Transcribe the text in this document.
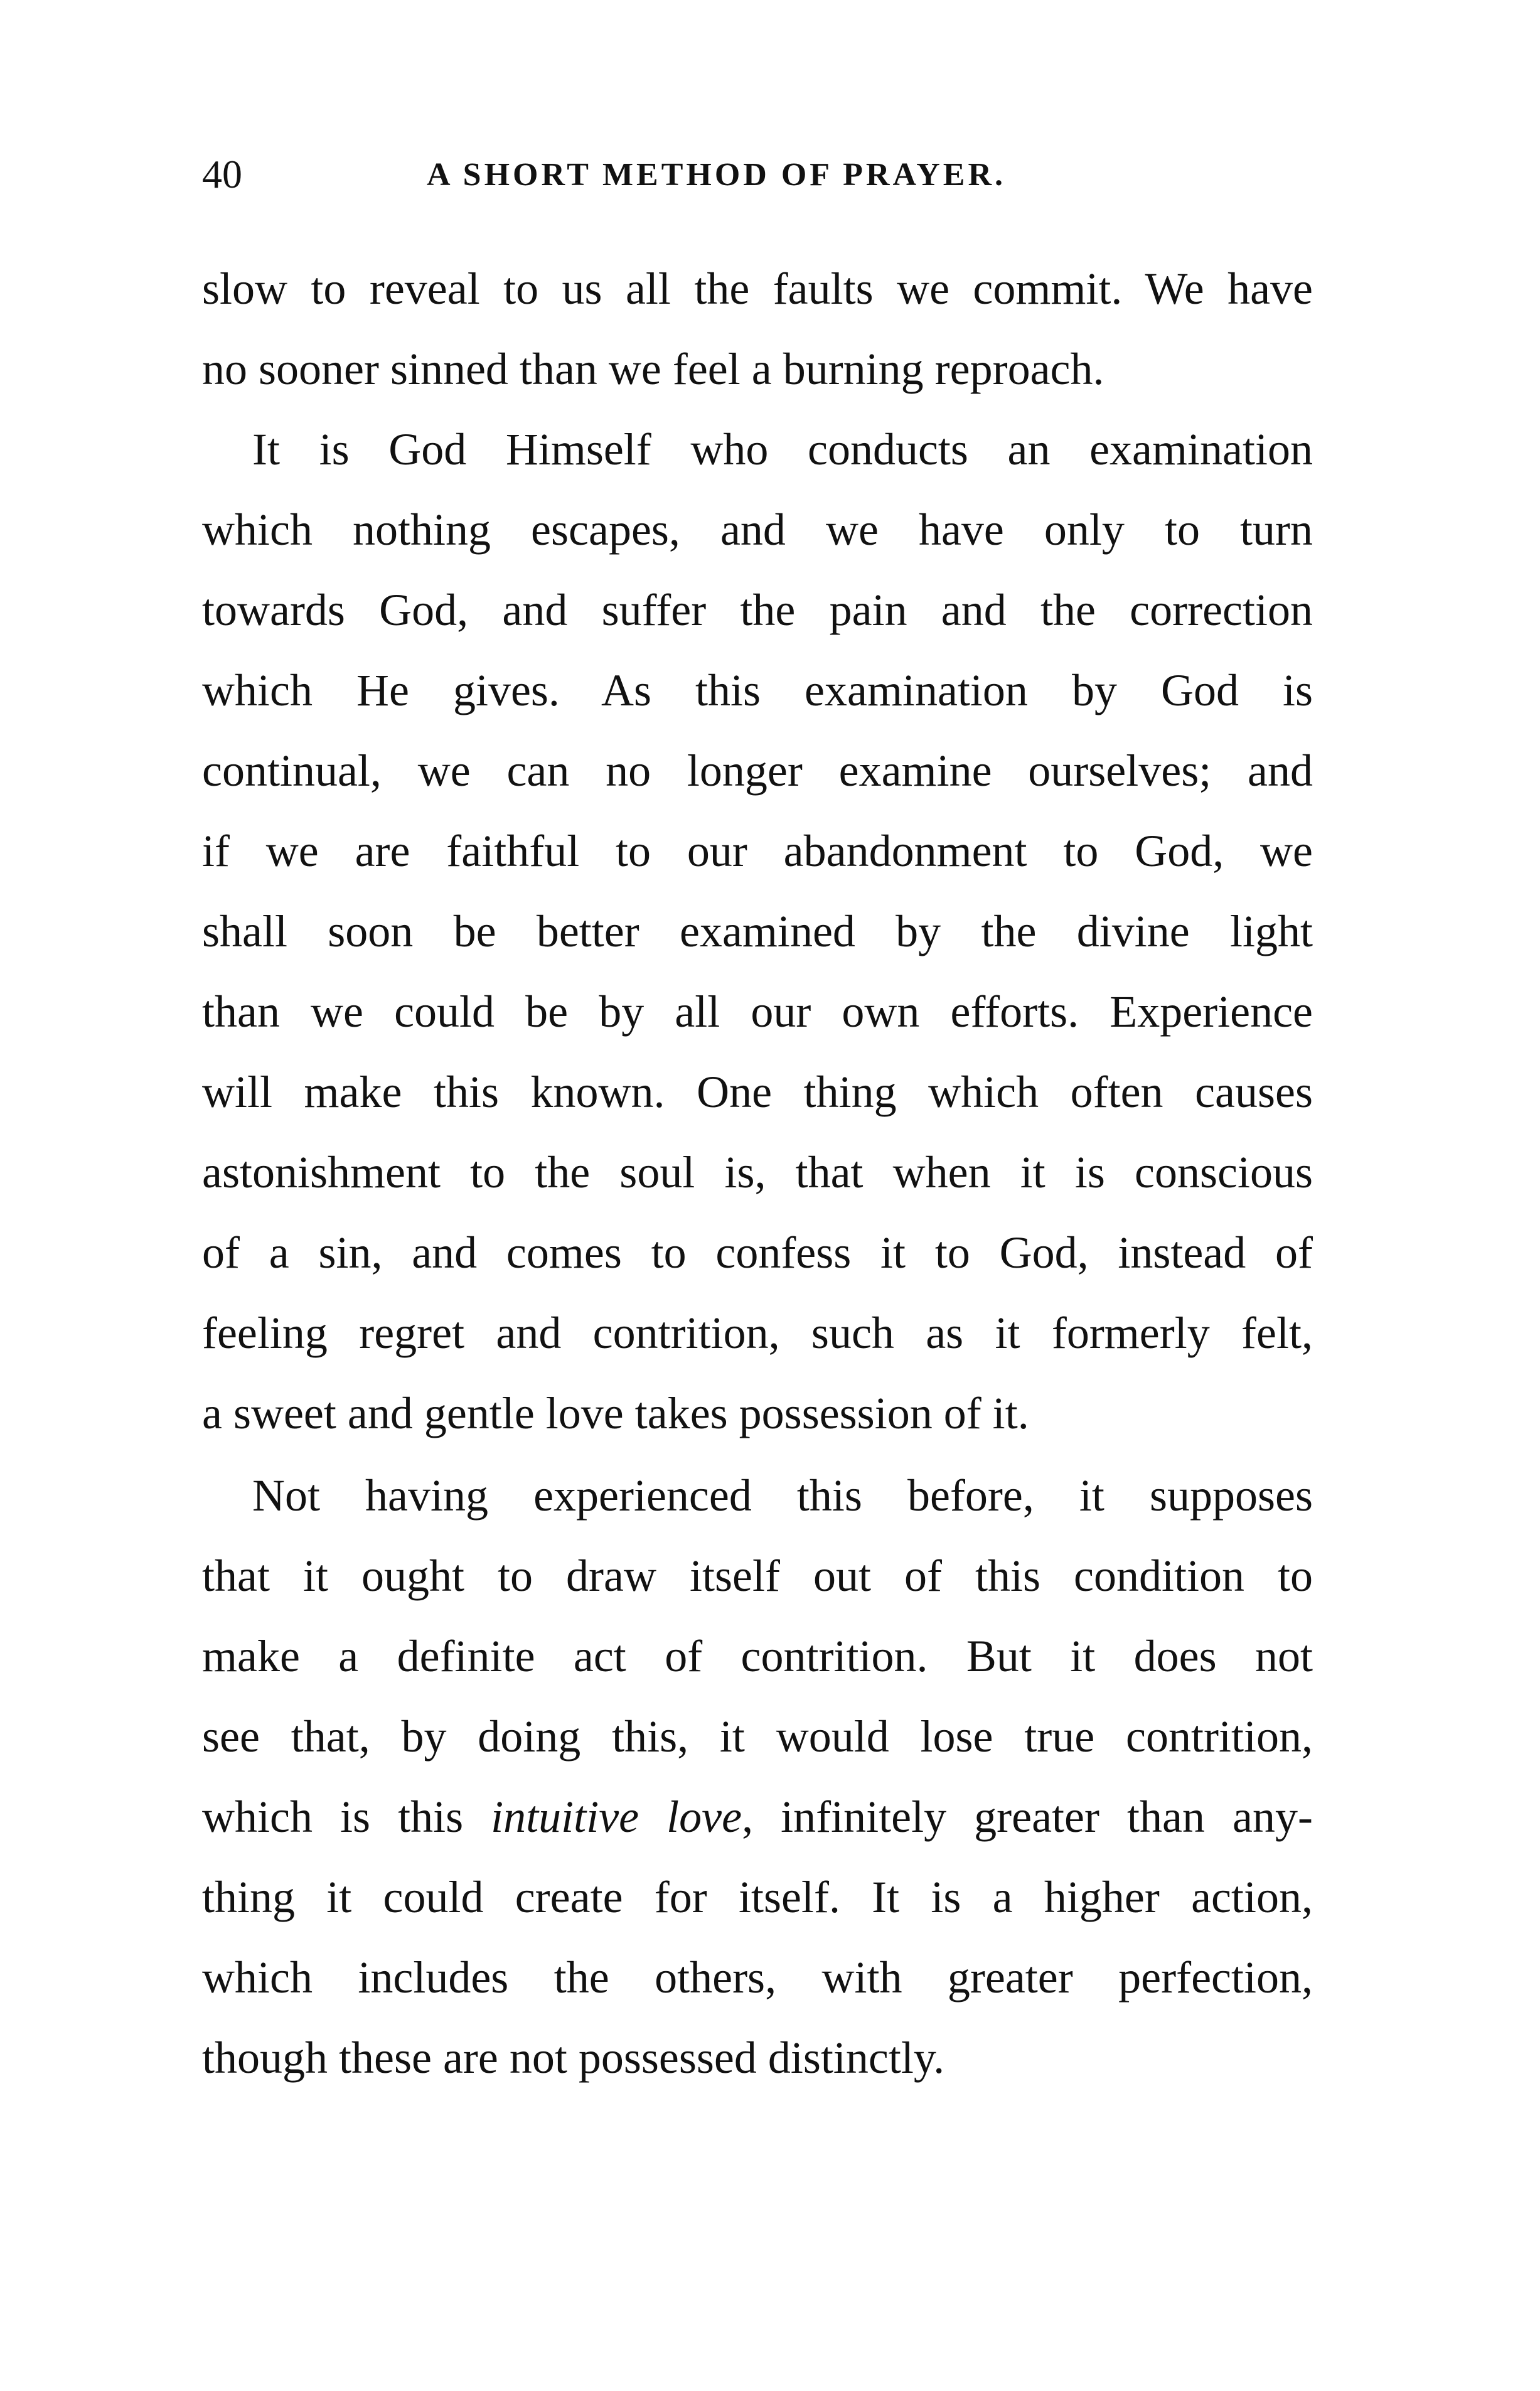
40	A SHORT METHOD OF PRAYER.
slow to reveal to us all the faults we commit. We have
no sooner sinned than we feel a burning reproach.
It is God Himself who conducts an examination
which nothing escapes, and we have only to turn
towards God, and suffer the pain and the correction
which He gives. As this examination by God is
continual, we can no longer examine ourselves; and
if we are faithful to our abandonment to God, we
shall soon be better examined by the divine light
than we could be by all our own efforts. Experience
will make this known. One thing which often causes
astonishment to the soul is, that when it is conscious
of a sin, and comes to confess it to God, instead of
feeling regret and contrition, such as it formerly felt,
a sweet and gentle love takes possession of it.
Not having experienced this before, it supposes
that it ought to draw itself out of this condition to
make a definite act of contrition. But it does not
see that, by doing this, it would lose true contrition,
which is this intuitive love, infinitely greater than any-
thing it could create for itself. It is a higher action,
which includes the others, with greater perfection,
though these are not possessed distinctly.
